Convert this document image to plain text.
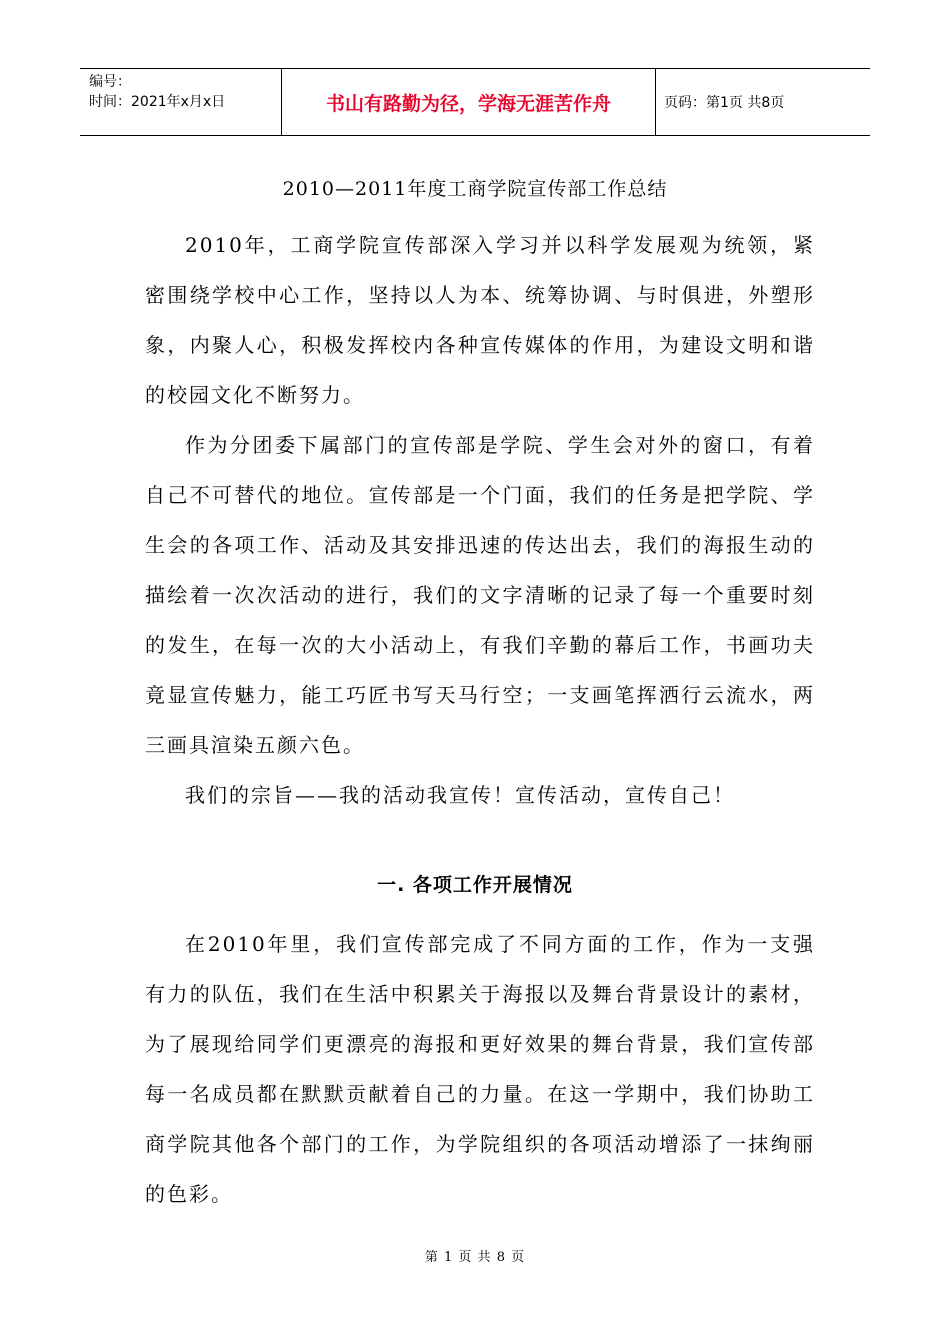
编号：
时间：2021年x月x日	书山有路勤为径，学海无涯苦作舟	页码：第1页 共8页
2010—2011年度工商学院宣传部工作总结

2010年，工商学院宣传部深入学习并以科学发展观为统领，紧密围绕学校中心工作，坚持以人为本、统筹协调、与时俱进，外塑形象，内聚人心，积极发挥校内各种宣传媒体的作用，为建设文明和谐的校园文化不断努力。

作为分团委下属部门的宣传部是学院、学生会对外的窗口，有着自己不可替代的地位。宣传部是一个门面，我们的任务是把学院、学生会的各项工作、活动及其安排迅速的传达出去，我们的海报生动的描绘着一次次活动的进行，我们的文字清晰的记录了每一个重要时刻的发生，在每一次的大小活动上，有我们辛勤的幕后工作，书画功夫竟显宣传魅力，能工巧匠书写天马行空；一支画笔挥洒行云流水，两三画具渲染五颜六色。

我们的宗旨——我的活动我宣传！宣传活动，宣传自己！

一. 各项工作开展情况

在2010年里，我们宣传部完成了不同方面的工作，作为一支强有力的队伍，我们在生活中积累关于海报以及舞台背景设计的素材，为了展现给同学们更漂亮的海报和更好效果的舞台背景，我们宣传部每一名成员都在默默贡献着自己的力量。在这一学期中，我们协助工商学院其他各个部门的工作，为学院组织的各项活动增添了一抹绚丽的色彩。

第 1 页 共 8 页
